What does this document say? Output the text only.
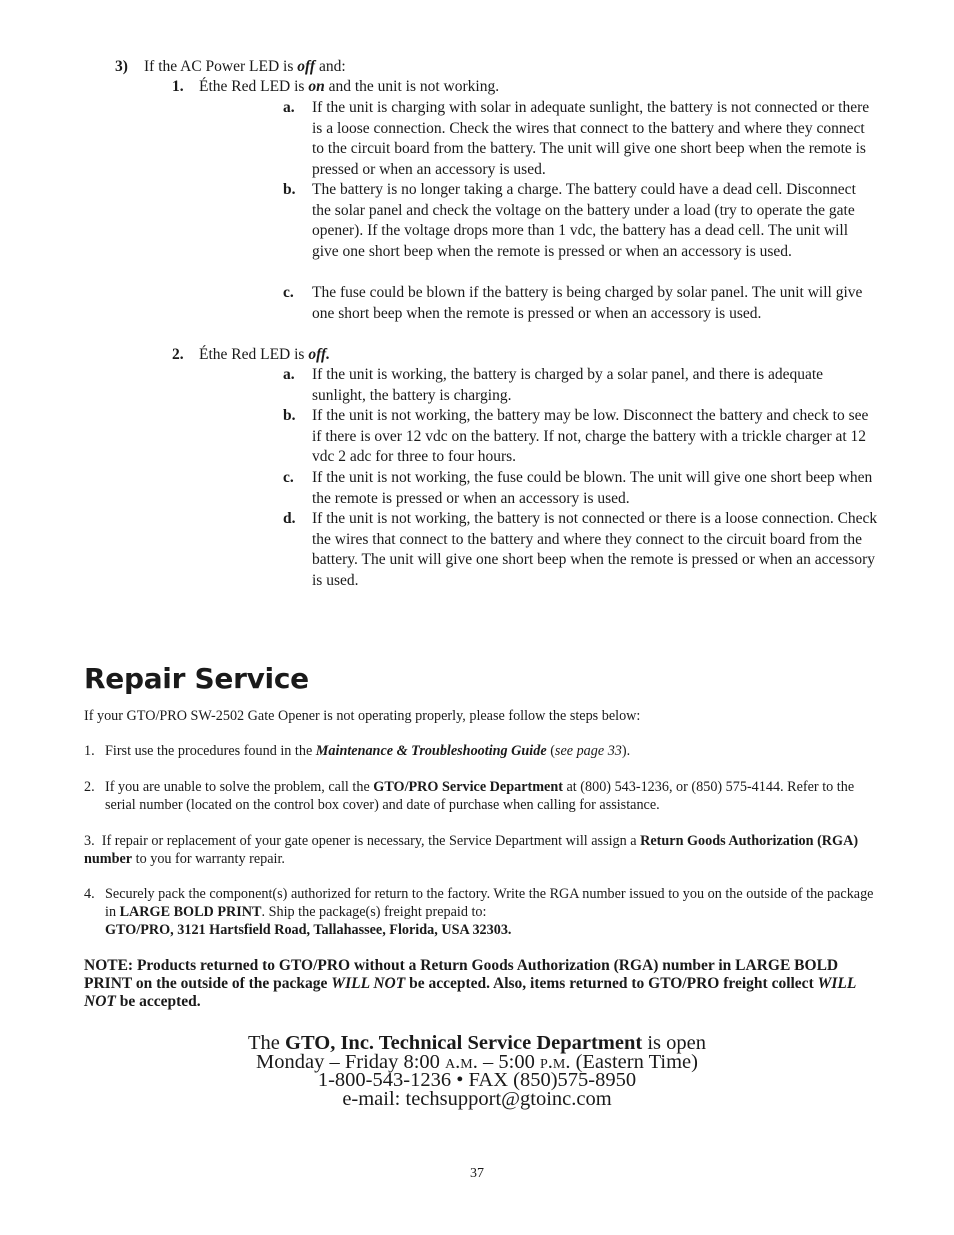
3) If the AC Power LED is off and:
1. Éthe Red LED is on and the unit is not working.
a. If the unit is charging with solar in adequate sunlight, the battery is not connected or there is a loose connection. Check the wires that connect to the battery and where they connect to the circuit board from the battery. The unit will give one short beep when the remote is pressed or when an accessory is used.
b. The battery is no longer taking a charge. The battery could have a dead cell. Disconnect the solar panel and check the voltage on the battery under a load (try to operate the gate opener). If the voltage drops more than 1 vdc, the battery has a dead cell. The unit will give one short beep when the remote is pressed or when an accessory is used.
c. The fuse could be blown if the battery is being charged by solar panel. The unit will give one short beep when the remote is pressed or when an accessory is used.
2. Éthe Red LED is off.
a. If the unit is working, the battery is charged by a solar panel, and there is adequate sunlight, the battery is charging.
b. If the unit is not working, the battery may be low. Disconnect the battery and check to see if there is over 12 vdc on the battery. If not, charge the battery with a trickle charger at 12 vdc 2 adc for three to four hours.
c. If the unit is not working, the fuse could be blown. The unit will give one short beep when the remote is pressed or when an accessory is used.
d. If the unit is not working, the battery is not connected or there is a loose connection. Check the wires that connect to the battery and where they connect to the circuit board from the battery. The unit will give one short beep when the remote is pressed or when an accessory is used.
Repair Service
If your GTO/PRO SW-2502 Gate Opener is not operating properly, please follow the steps below:
1. First use the procedures found in the Maintenance & Troubleshooting Guide (see page 33).
2. If you are unable to solve the problem, call the GTO/PRO Service Department at (800) 543-1236, or (850) 575-4144. Refer to the serial number (located on the control box cover) and date of purchase when calling for assistance.
3. If repair or replacement of your gate opener is necessary, the Service Department will assign a Return Goods Authorization (RGA) number to you for warranty repair.
4. Securely pack the component(s) authorized for return to the factory. Write the RGA number issued to you on the outside of the package in LARGE BOLD PRINT. Ship the package(s) freight prepaid to:
GTO/PRO, 3121 Hartsfield Road, Tallahassee, Florida, USA 32303.
NOTE: Products returned to GTO/PRO without a Return Goods Authorization (RGA) number in LARGE BOLD PRINT on the outside of the package WILL NOT be accepted. Also, items returned to GTO/PRO freight collect WILL NOT be accepted.
The GTO, Inc. Technical Service Department is open
Monday – Friday 8:00 a.m. – 5:00 p.m. (Eastern Time)
1-800-543-1236 • FAX (850)575-8950
e-mail: techsupport@gtoinc.com
37
